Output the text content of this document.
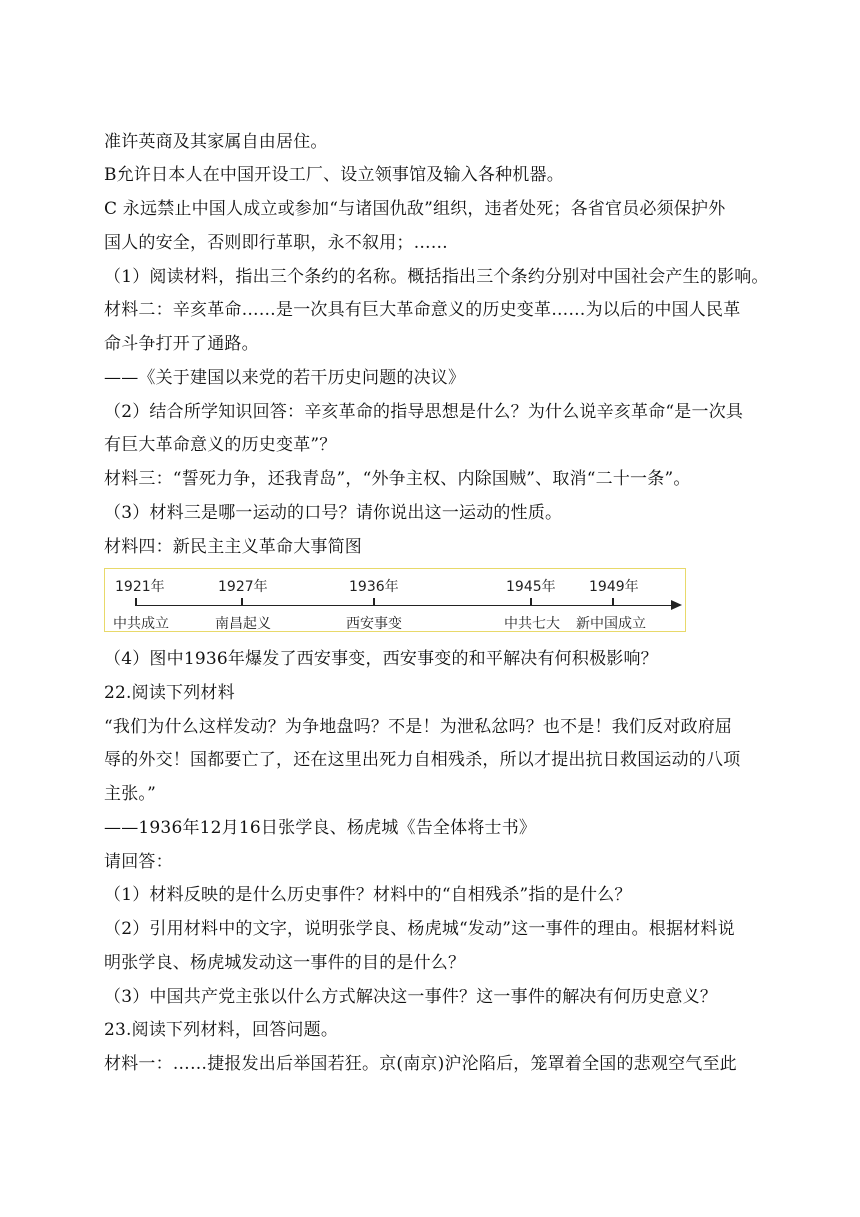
准许英商及其家属自由居住。
B允许日本人在中国开设工厂、设立领事馆及输入各种机器。
C 永远禁止中国人成立或参加“与诸国仇敌”组织，违者处死；各省官员必须保护外
国人的安全，否则即行革职，永不叙用；……
（1）阅读材料，指出三个条约的名称。概括指出三个条约分别对中国社会产生的影响。
材料二：辛亥革命……是一次具有巨大革命意义的历史变革……为以后的中国人民革
命斗争打开了通路。
——《关于建国以来党的若干历史问题的决议》
（2）结合所学知识回答：辛亥革命的指导思想是什么？为什么说辛亥革命“是一次具
有巨大革命意义的历史变革”？
材料三：“誓死力争，还我青岛”，“外争主权、内除国贼”、取消“二十一条”。
（3）材料三是哪一运动的口号？请你说出这一运动的性质。
材料四：新民主主义革命大事简图
1921年
中共成立
1927年
南昌起义
1936年
西安事变
1945年
中共七大
1949年
新中国成立
（4）图中1936年爆发了西安事变，西安事变的和平解决有何积极影响？
22.阅读下列材料
“我们为什么这样发动？为争地盘吗？不是！为泄私忿吗？也不是！我们反对政府屈
辱的外交！国都要亡了，还在这里出死力自相残杀，所以才提出抗日救国运动的八项
主张。”
——1936年12月16日张学良、杨虎城《告全体将士书》
请回答：
（1）材料反映的是什么历史事件？材料中的“自相残杀”指的是什么？
（2）引用材料中的文字，说明张学良、杨虎城“发动”这一事件的理由。根据材料说
明张学良、杨虎城发动这一事件的目的是什么？
（3）中国共产党主张以什么方式解决这一事件？这一事件的解决有何历史意义？
23.阅读下列材料，回答问题。
材料一：……捷报发出后举国若狂。京(南京)沪沦陷后，笼罩着全国的悲观空气至此
